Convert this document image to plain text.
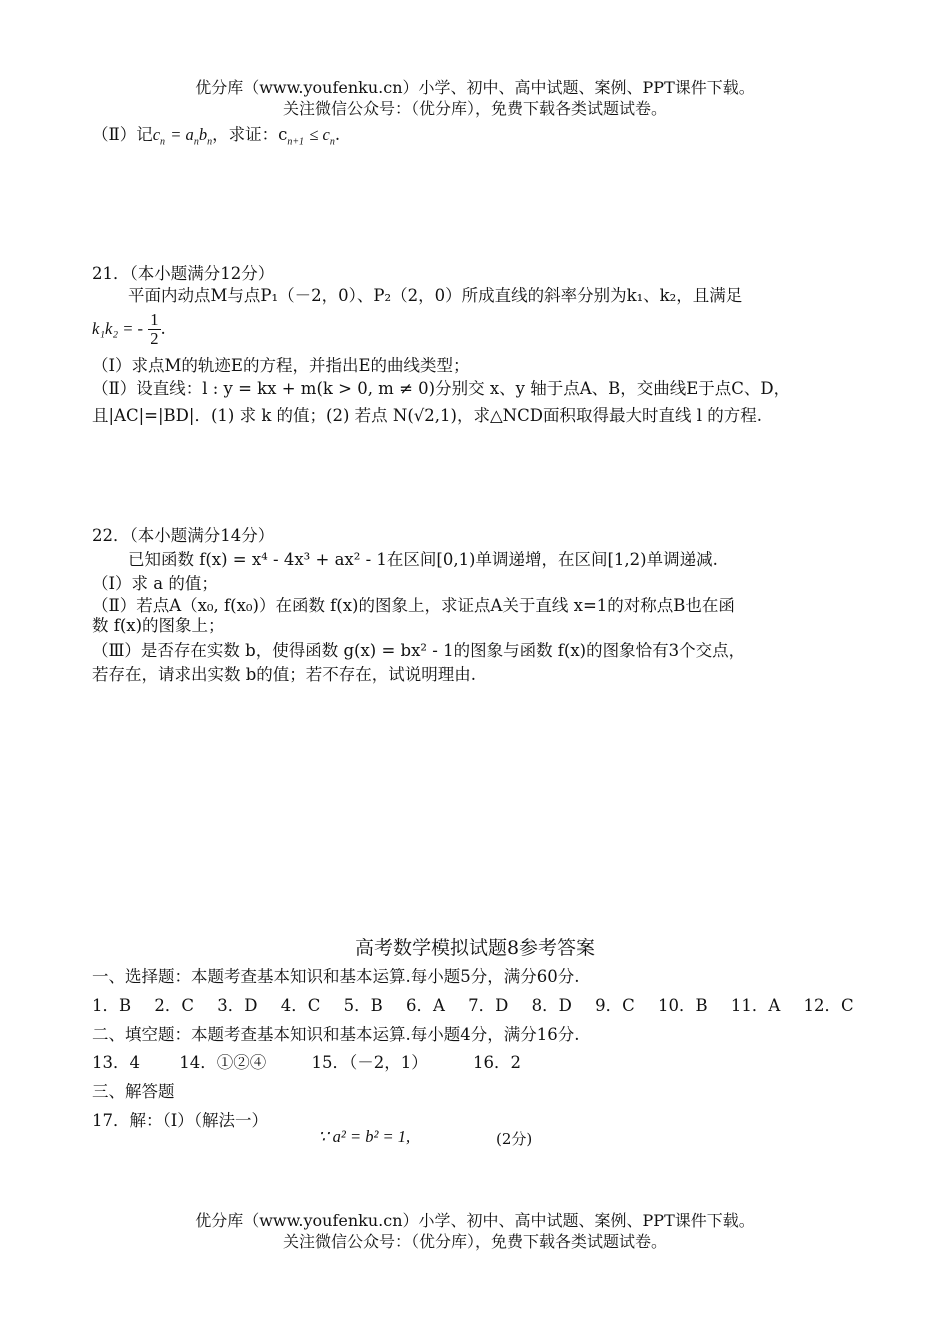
优分库（www.youfenku.cn）小学、初中、高中试题、案例、PPT课件下载。
关注微信公众号：（优分库），免费下载各类试题试卷。
（Ⅱ）记$c_n = a_nb_n$，求证：$c_{n+1} \le c_n$.
21．（本小题满分12分）
平面内动点M与点P₁（－2，0）、P₂（2，0）所成直线的斜率分别为k₁、k₂，且满足
k₁k₂ = - $\frac{1}{2}$ .
（Ⅰ）求点M的轨迹E的方程，并指出E的曲线类型；
（Ⅱ）设直线：l : y = kx + m(k > 0, m ≠ 0)分别交 x、y 轴于点A、B，交曲线E于点C、D，
且|AC|=|BD|．(1) 求 k 的值；(2) 若点 N(√2,1)，求△NCD面积取得最大时直线 l 的方程.
22．（本小题满分14分）
已知函数 f(x) = x⁴ - 4x³ + ax² - 1在区间[0,1)单调递增，在区间[1,2)单调递减.
（Ⅰ）求 a 的值；
（Ⅱ）若点A（x₀, f(x₀)）在函数 f(x)的图象上，求证点A关于直线 x=1的对称点B也在函
数 f(x)的图象上；
（Ⅲ）是否存在实数 b，使得函数 g(x) = bx² - 1的图象与函数 f(x)的图象恰有3个交点，
若存在，请求出实数 b的值；若不存在，试说明理由.
高考数学模拟试题8参考答案
一、选择题：本题考查基本知识和基本运算.每小题5分，满分60分.
1．B 2．C 3．D 4．C 5．B 6．A 7．D 8．D 9．C 10．B 11．A 12．C
二、填空题：本题考查基本知识和基本运算.每小题4分，满分16分.
13．4 14．①②④	15．（－2，1）	16．2
三、解答题
17．解：（Ⅰ）（解法一）
∵ a² = b² = 1,	(2分)
优分库（www.youfenku.cn）小学、初中、高中试题、案例、PPT课件下载。
关注微信公众号：（优分库），免费下载各类试题试卷。
